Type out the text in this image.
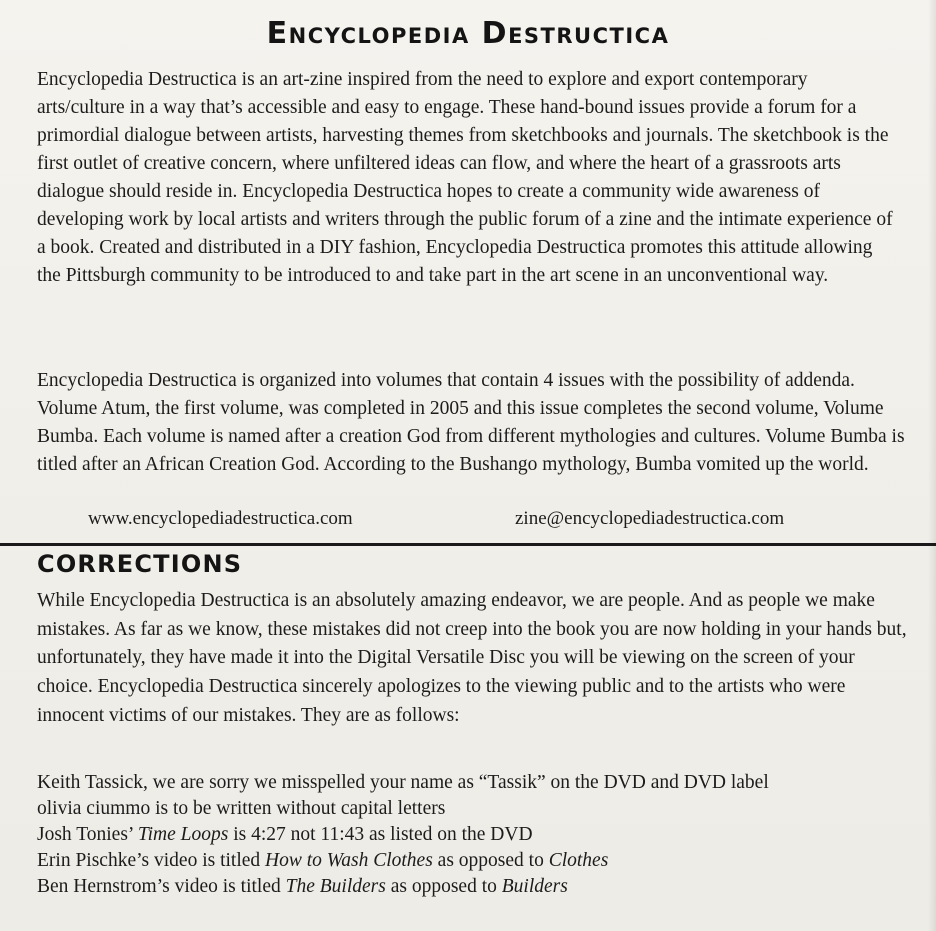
Encyclopedia Destructica

Encyclopedia Destructica is an art-zine inspired from the need to explore and export contemporary arts/culture in a way that’s accessible and easy to engage. These hand-bound issues provide a forum for a primordial dialogue between artists, harvesting themes from sketchbooks and journals. The sketchbook is the first outlet of creative concern, where unfiltered ideas can flow, and where the heart of a grassroots arts dialogue should reside in. Encyclopedia Destructica hopes to create a community wide awareness of developing work by local artists and writers through the public forum of a zine and the intimate experience of a book. Created and distributed in a DIY fashion, Encyclopedia Destructica promotes this attitude allowing the Pittsburgh community to be introduced to and take part in the art scene in an unconventional way.

Encyclopedia Destructica is organized into volumes that contain 4 issues with the possibility of addenda. Volume Atum, the first volume, was completed in 2005 and this issue completes the second volume, Volume Bumba. Each volume is named after a creation God from different mythologies and cultures. Volume Bumba is titled after an African Creation God. According to the Bushango mythology, Bumba vomited up the world.

www.encyclopediadestructica.com	zine@encyclopediadestructica.com
CORRECTIONS

While Encyclopedia Destructica is an absolutely amazing endeavor, we are people. And as people we make mistakes. As far as we know, these mistakes did not creep into the book you are now holding in your hands but, unfortunately, they have made it into the Digital Versatile Disc you will be viewing on the screen of your choice. Encyclopedia Destructica sincerely apologizes to the viewing public and to the artists who were innocent victims of our mistakes. They are as follows:

Keith Tassick, we are sorry we misspelled your name as “Tassik” on the DVD and DVD label
olivia ciummo is to be written without capital letters
Josh Tonies’ Time Loops is 4:27 not 11:43 as listed on the DVD
Erin Pischke’s video is titled How to Wash Clothes as opposed to Clothes
Ben Hernstrom’s video is titled The Builders as opposed to Builders
